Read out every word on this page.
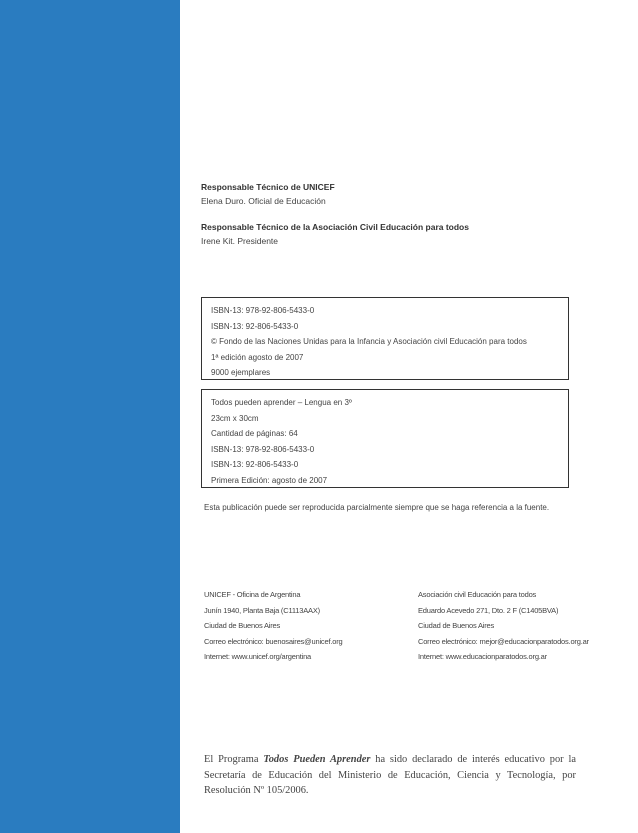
Responsable Técnico de UNICEF
Elena Duro. Oficial de Educación
Responsable Técnico de la Asociación Civil Educación para todos
Irene Kit. Presidente
ISBN-13: 978-92-806-5433-0
ISBN-13: 92-806-5433-0
© Fondo de las Naciones Unidas para la Infancia y Asociación civil Educación para todos
1ª edición agosto de 2007
9000 ejemplares
Todos pueden aprender – Lengua en 3º
23cm x 30cm
Cantidad de páginas: 64
ISBN-13: 978-92-806-5433-0
ISBN-13: 92-806-5433-0
Primera Edición: agosto de 2007
Esta publicación puede ser reproducida parcialmente siempre que se haga referencia a la fuente.
UNICEF - Oficina de Argentina
Junín 1940, Planta Baja (C1113AAX)
Ciudad de Buenos Aires
Correo electrónico: buenosaires@unicef.org
Internet: www.unicef.org/argentina
Asociación civil Educación para todos
Eduardo Acevedo 271, Dto. 2 F (C1405BVA)
Ciudad de Buenos Aires
Correo electrónico: mejor@educacionparatodos.org.ar
Internet: www.educacionparatodos.org.ar
El Programa Todos Pueden Aprender ha sido declarado de interés educativo por la Secretaría de Educación del Ministerio de Educación, Ciencia y Tecnología, por Resolución Nº 105/2006.
